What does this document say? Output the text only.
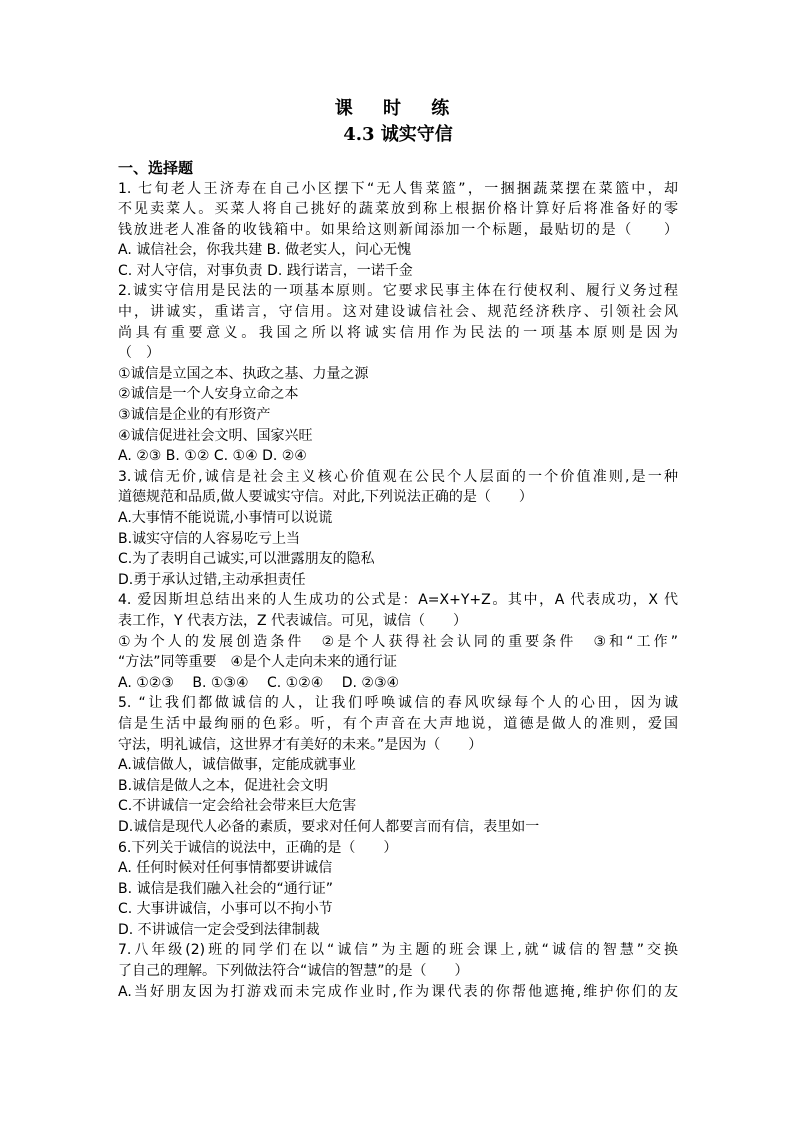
课 时 练

4.3 诚实守信

一、选择题

1. 七旬老人王济寿在自己小区摆下“无人售菜篮”，一捆捆蔬菜摆在菜篮中，却

不见卖菜人。买菜人将自己挑好的蔬菜放到称上根据价格计算好后将准备好的零

钱放进老人准备的收钱箱中。如果给这则新闻添加一个标题，最贴切的是（　　）

A. 诚信社会，你我共建 B. 做老实人，问心无愧

C. 对人守信，对事负责 D. 践行诺言，一诺千金

2.诚实守信用是民法的一项基本原则。它要求民事主体在行使权利、履行义务过程

中，讲诚实，重诺言，守信用。这对建设诚信社会、规范经济秩序、引领社会风

尚具有重要意义。我国之所以将诚实信用作为民法的一项基本原则是因为

（　）

①诚信是立国之本、执政之基、力量之源

②诚信是一个人安身立命之本

③诚信是企业的有形资产

④诚信促进社会文明、国家兴旺

A. ②③ B. ①② C. ①④ D. ②④

3.诚信无价,诚信是社会主义核心价值观在公民个人层面的一个价值准则,是一种

道德规范和品质,做人要诚实守信。对此,下列说法正确的是（　　）

A.大事情不能说谎,小事情可以说谎

B.诚实守信的人容易吃亏上当

C.为了表明自己诚实,可以泄露朋友的隐私

D.勇于承认过错,主动承担责任

4. 爱因斯坦总结出来的人生成功的公式是：A=X+Y+Z。其中，A 代表成功，X 代

表工作，Y 代表方法，Z 代表诚信。可见，诚信（　　）

①为个人的发展创造条件　②是个人获得社会认同的重要条件　③和“工作”

“方法”同等重要　④是个人走向未来的通行证

A. ①②③　 B. ①③④　 C. ①②④　 D. ②③④

5. “让我们都做诚信的人，让我们呼唤诚信的春风吹绿每个人的心田，因为诚

信是生活中最绚丽的色彩。听，有个声音在大声地说，道德是做人的准则，爱国

守法，明礼诚信，这世界才有美好的未来。”是因为（　　）

A.诚信做人，诚信做事，定能成就事业

B.诚信是做人之本，促进社会文明

C.不讲诚信一定会给社会带来巨大危害

D.诚信是现代人必备的素质，要求对任何人都要言而有信，表里如一

6.下列关于诚信的说法中，正确的是（　　）

A. 任何时候对任何事情都要讲诚信

B. 诚信是我们融入社会的“通行证”

C. 大事讲诚信，小事可以不拘小节

D. 不讲诚信一定会受到法律制裁

7.八年级(2)班的同学们在以“诚信”为主题的班会课上,就“诚信的智慧”交换

了自己的理解。下列做法符合“诚信的智慧”的是（　　）

A.当好朋友因为打游戏而未完成作业时,作为课代表的你帮他遮掩,维护你们的友
